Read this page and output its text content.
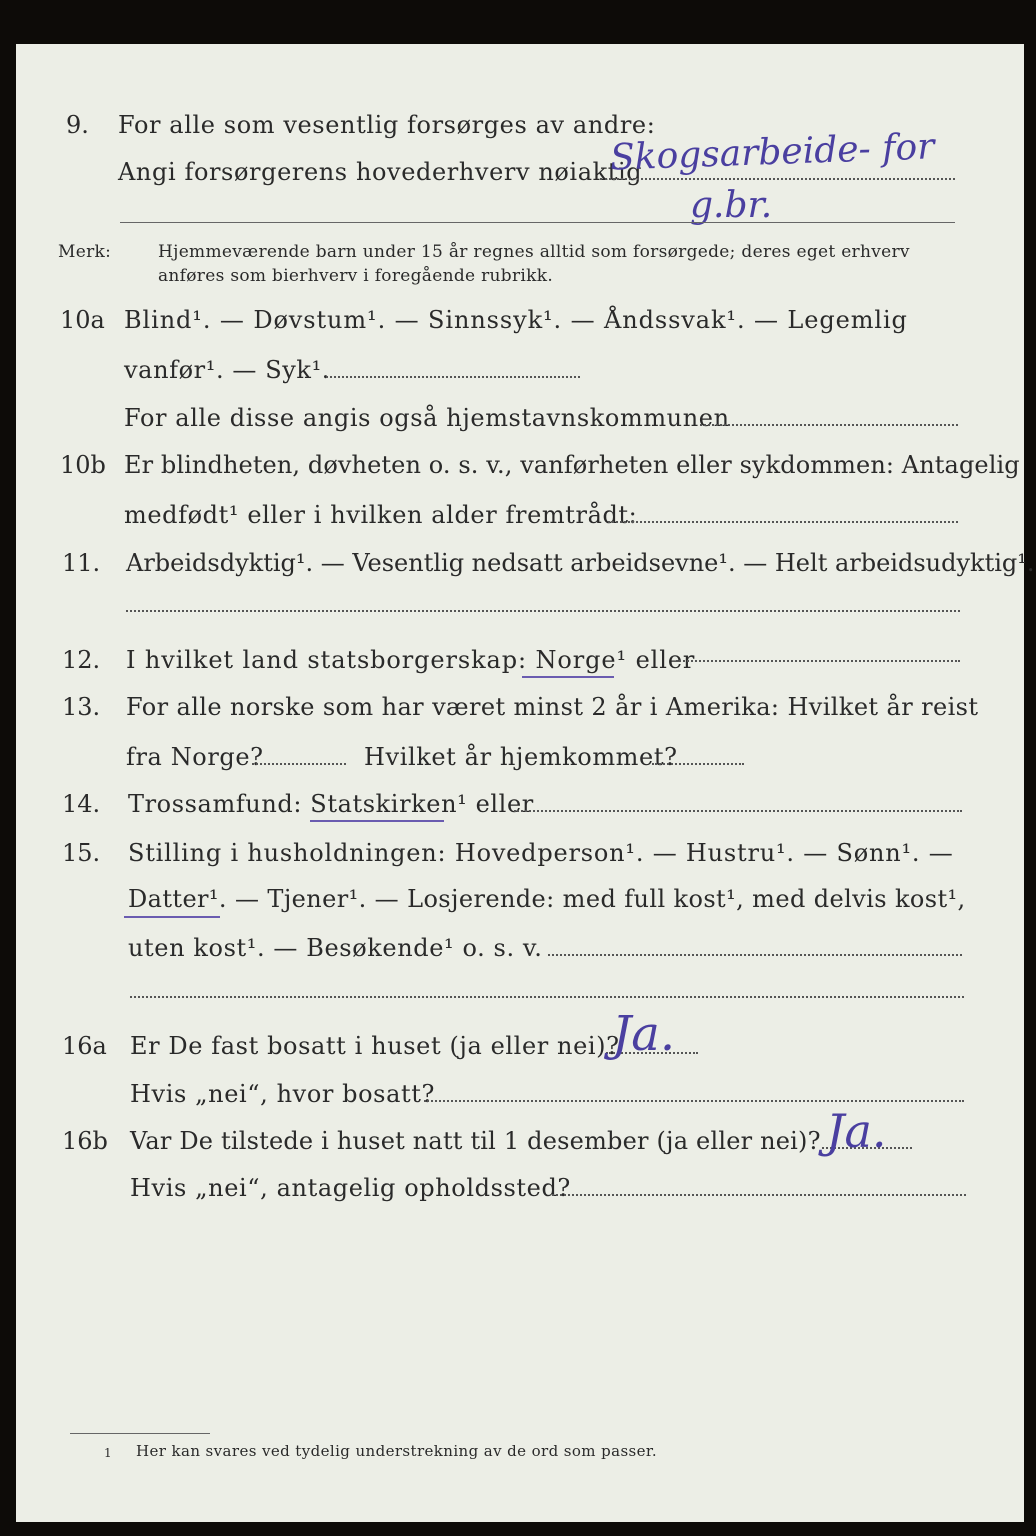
9. For alle som vesentlig forsørges av andre:
Angi forsørgerens hovederhverv nøiaktig
Skogsarbeide- for
g.br.
Merk:	Hjemmeværende barn under 15 år regnes alltid som forsørgede; deres eget erhverv
anføres som bierhverv i foregående rubrikk.
10a Blind¹. — Døvstum¹. — Sinnssyk¹. — Åndssvak¹. — Legemlig
vanfør¹. — Syk¹.
For alle disse angis også hjemstavnskommunen
10b Er blindheten, døvheten o. s. v., vanførheten eller sykdommen: Antagelig
medfødt¹ eller i hvilken alder fremtrådt:
11. Arbeidsdyktig¹. — Vesentlig nedsatt arbeidsevne¹. — Helt arbeidsudyktig¹.
12. I hvilket land statsborgerskap: Norge¹ eller
13. For alle norske som har været minst 2 år i Amerika: Hvilket år reist
fra Norge?	Hvilket år hjemkommet?
14. Trossamfund: Statskirken¹ eller
15. Stilling i husholdningen: Hovedperson¹. — Hustru¹. — Sønn¹. —
Datter¹. — Tjener¹. — Losjerende: med full kost¹, med delvis kost¹,
uten kost¹. — Besøkende¹ o. s. v.
16a Er De fast bosatt i huset (ja eller nei)?
Ja.
Hvis „nei“, hvor bosatt?
16b Var De tilstede i huset natt til 1 desember (ja eller nei)? Ja.
Hvis „nei“, antagelig opholdssted?
1 Her kan svares ved tydelig understrekning av de ord som passer.
